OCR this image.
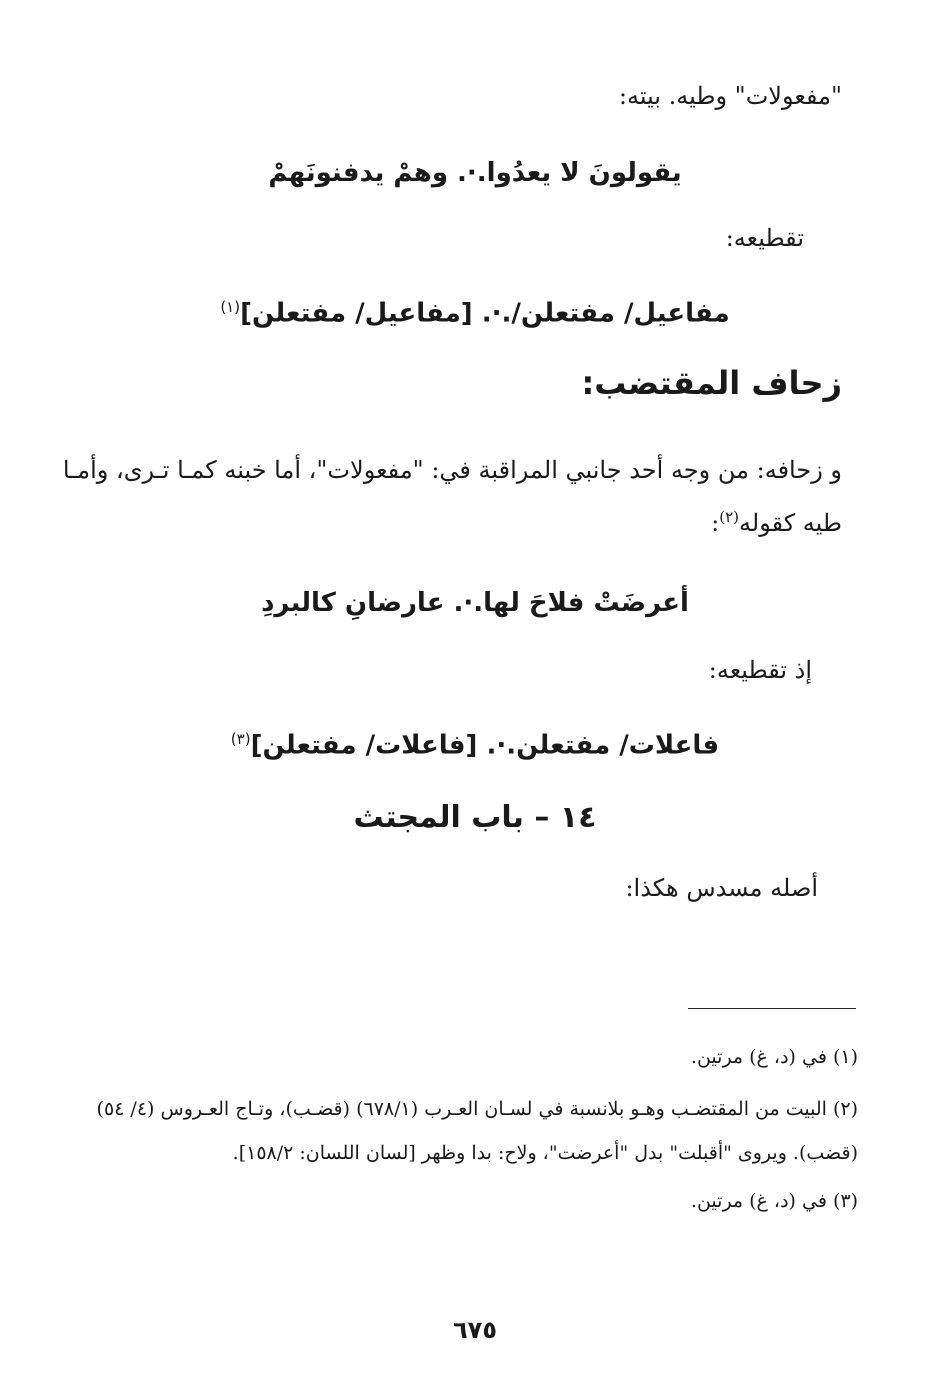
"مفعولات" وطيه. بيته:
يقولونَ لا يعدُوا.·. وهمْ يدفنونَهمْ
تقطيعه:
مفاعيل/ مفتعلن/.·. [مفاعيل/ مفتعلن]$^{(١)}$
زحاف المقتضب:
و زحافه: من وجه أحد جانبي المراقبة في: "مفعولات"، أما خبنه كمـا تـرى، وأمـا
طيه كقوله$^{(٢)}$:
أعرضَتْ فلاحَ لها.·. عارضانِ كالبردِ
إذ تقطيعه:
فاعلات/ مفتعلن.·. [فاعلات/ مفتعلن]$^{(٣)}$
١٤ – باب المجتث
أصله مسدس هكذا:
(١) في (د، غ) مرتين.
(٢) البيت من المقتضـب وهـو بلانسبة في لسـان العـرب (٦٧٨/١) (قضـب)، وتـاج العـروس (٤/ ٥٤)
(قضب). ويروى "أقبلت" بدل "أعرضت"، ولاح: بدا وظهر [لسان اللسان: ١٥٨/٢].
(٣) في (د، غ) مرتين.
٦٧٥
